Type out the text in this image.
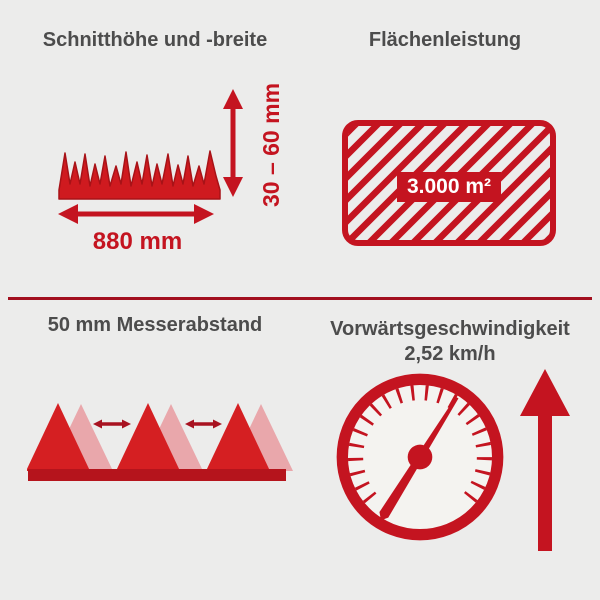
Schnitthöhe und -breite
880 mm
30 – 60 mm
Flächenleistung
3.000 m²
50 mm Messerabstand	Vorwärtsgeschwindigkeit
2,52 km/h
